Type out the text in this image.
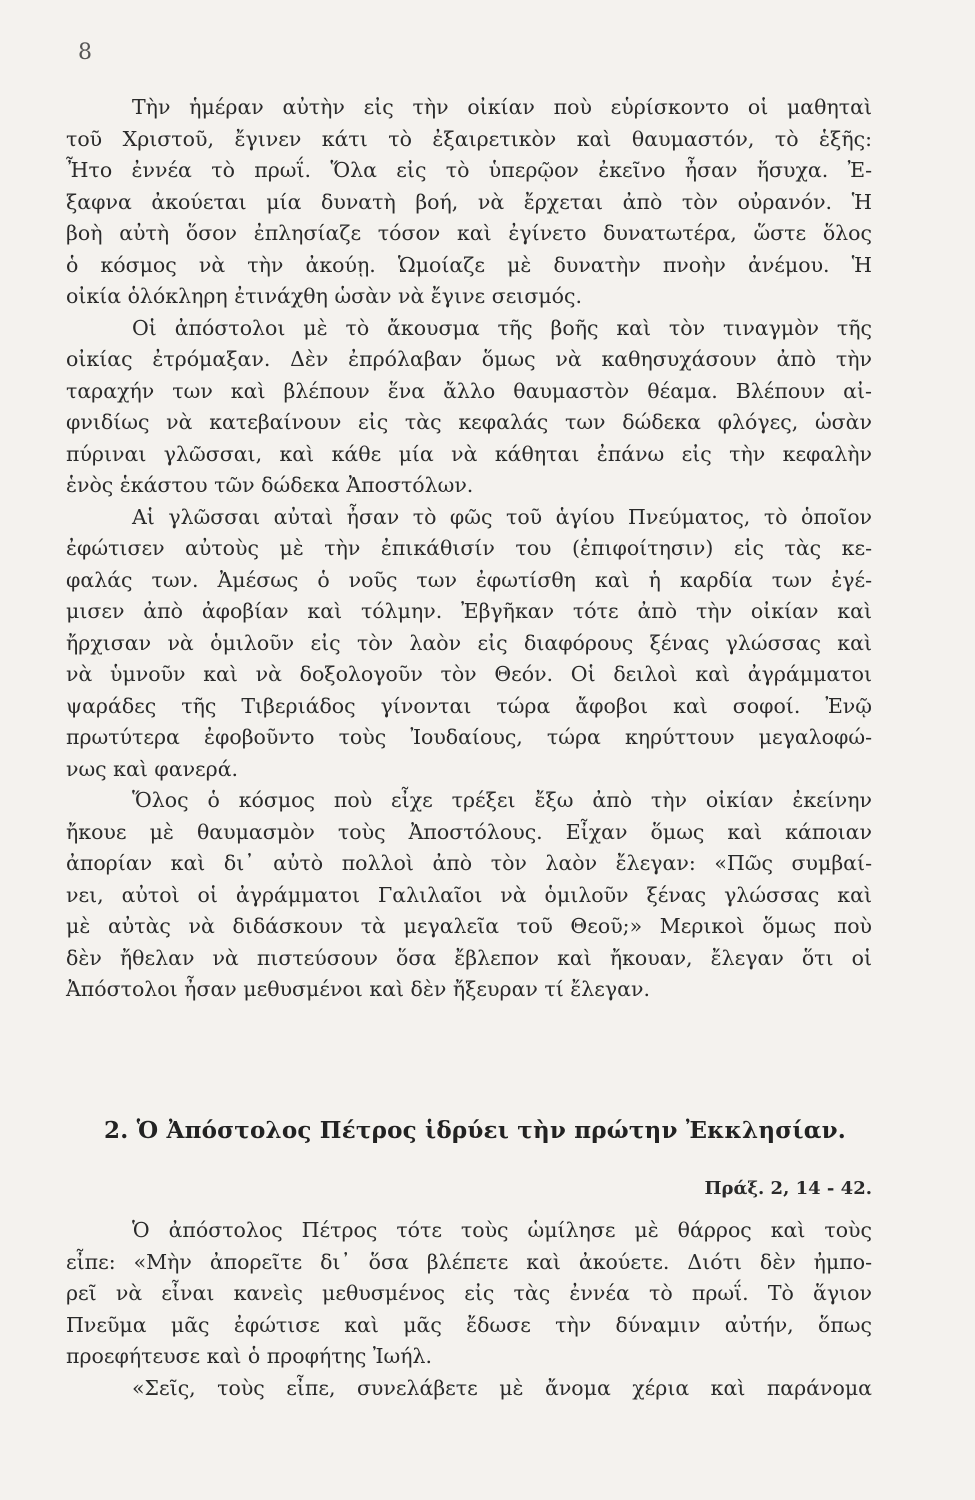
8
Τὴν ἡμέραν αὐτὴν εἰς τὴν οἰκίαν ποὺ εὑρίσκοντο οἱ μαθηταὶ
τοῦ Χριστοῦ, ἔγινεν κάτι τὸ ἐξαιρετικὸν καὶ θαυμαστόν, τὸ ἑξῆς:
Ἦτο ἐννέα τὸ πρωΐ. Ὅλα εἰς τὸ ὑπερῷον ἐκεῖνο ἦσαν ἥσυχα. Ἐ-
ξαφνα ἀκούεται μία δυνατὴ βοή, νὰ ἔρχεται ἀπὸ τὸν οὐρανόν. Ἡ
βοὴ αὐτὴ ὅσον ἐπλησίαζε τόσον καὶ ἐγίνετο δυνατωτέρα, ὥστε ὅλος
ὁ κόσμος νὰ τὴν ἀκούῃ. Ὡμοίαζε μὲ δυνατὴν πνοὴν ἀνέμου. Ἡ
οἰκία ὁλόκληρη ἐτινάχθη ὡσὰν νὰ ἔγινε σεισμός.
Οἱ ἀπόστολοι μὲ τὸ ἄκουσμα τῆς βοῆς καὶ τὸν τιναγμὸν τῆς
οἰκίας ἐτρόμαξαν. Δὲν ἐπρόλαβαν ὅμως νὰ καθησυχάσουν ἀπὸ τὴν
ταραχήν των καὶ βλέπουν ἕνα ἄλλο θαυμαστὸν θέαμα. Βλέπουν αἰ-
φνιδίως νὰ κατεβαίνουν εἰς τὰς κεφαλάς των δώδεκα φλόγες, ὡσὰν
πύριναι γλῶσσαι, καὶ κάθε μία νὰ κάθηται ἐπάνω εἰς τὴν κεφαλὴν
ἑνὸς ἑκάστου τῶν δώδεκα Ἀποστόλων.
Αἱ γλῶσσαι αὐταὶ ἦσαν τὸ φῶς τοῦ ἁγίου Πνεύματος, τὸ ὁποῖον
ἐφώτισεν αὐτοὺς μὲ τὴν ἐπικάθισίν του (ἐπιφοίτησιν) εἰς τὰς κε-
φαλάς των. Ἀμέσως ὁ νοῦς των ἐφωτίσθη καὶ ἡ καρδία των ἐγέ-
μισεν ἀπὸ ἀφοβίαν καὶ τόλμην. Ἐβγῆκαν τότε ἀπὸ τὴν οἰκίαν καὶ
ἤρχισαν νὰ ὁμιλοῦν εἰς τὸν λαὸν εἰς διαφόρους ξένας γλώσσας καὶ
νὰ ὑμνοῦν καὶ νὰ δοξολογοῦν τὸν Θεόν. Οἱ δειλοὶ καὶ ἀγράμματοι
ψαράδες τῆς Τιβεριάδος γίνονται τώρα ἄφοβοι καὶ σοφοί. Ἐνῷ
πρωτύτερα ἐφοβοῦντο τοὺς Ἰουδαίους, τώρα κηρύττουν μεγαλοφώ-
νως καὶ φανερά.
Ὅλος ὁ κόσμος ποὺ εἶχε τρέξει ἔξω ἀπὸ τὴν οἰκίαν ἐκείνην
ἤκουε μὲ θαυμασμὸν τοὺς Ἀποστόλους. Εἶχαν ὅμως καὶ κάποιαν
ἀπορίαν καὶ δι᾿ αὐτὸ πολλοὶ ἀπὸ τὸν λαὸν ἔλεγαν: «Πῶς συμβαί-
νει, αὐτοὶ οἱ ἀγράμματοι Γαλιλαῖοι νὰ ὁμιλοῦν ξένας γλώσσας καὶ
μὲ αὐτὰς νὰ διδάσκουν τὰ μεγαλεῖα τοῦ Θεοῦ;» Μερικοὶ ὅμως ποὺ
δὲν ἤθελαν νὰ πιστεύσουν ὅσα ἔβλεπον καὶ ἤκουαν, ἔλεγαν ὅτι οἱ
Ἀπόστολοι ἦσαν μεθυσμένοι καὶ δὲν ἤξευραν τί ἔλεγαν.
2. Ὁ Ἀπόστολος Πέτρος ἱδρύει τὴν πρώτην Ἐκκλησίαν.
Πράξ. 2, 14 - 42.
Ὁ ἀπόστολος Πέτρος τότε τοὺς ὡμίλησε μὲ θάρρος καὶ τοὺς
εἶπε: «Μὴν ἀπορεῖτε δι᾿ ὅσα βλέπετε καὶ ἀκούετε. Διότι δὲν ἠμπο-
ρεῖ νὰ εἶναι κανεὶς μεθυσμένος εἰς τὰς ἐννέα τὸ πρωΐ. Τὸ ἅγιον
Πνεῦμα μᾶς ἐφώτισε καὶ μᾶς ἔδωσε τὴν δύναμιν αὐτήν, ὅπως
προεφήτευσε καὶ ὁ προφήτης Ἰωήλ.
«Σεῖς, τοὺς εἶπε, συνελάβετε μὲ ἄνομα χέρια καὶ παράνομα
